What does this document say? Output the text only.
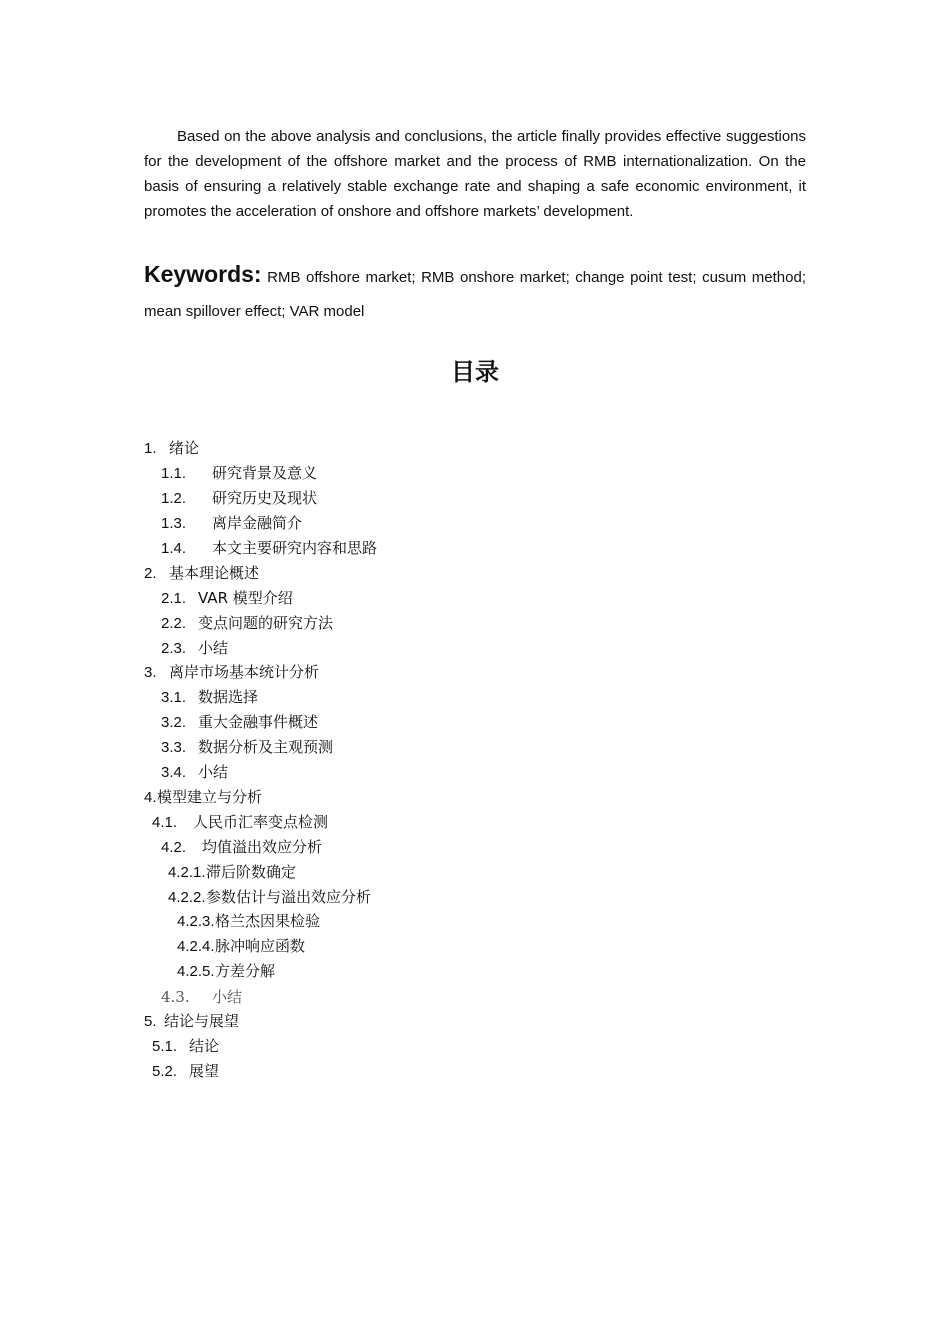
Based on the above analysis and conclusions, the article finally provides effective suggestions for the development of the offshore market and the process of RMB internationalization. On the basis of ensuring a relatively stable exchange rate and shaping a safe economic environment, it promotes the acceleration of onshore and offshore markets’ development.

Keywords: RMB offshore market; RMB onshore market; change point test; cusum method; mean spillover effect; VAR model

目录
1. 绪论
1.1. 研究背景及意义
1.2. 研究历史及现状
1.3. 离岸金融简介
1.4. 本文主要研究内容和思路
2. 基本理论概述
2.1. VAR 模型介绍
2.2. 变点问题的研究方法
2.3. 小结
3. 离岸市场基本统计分析
3.1. 数据选择
3.2. 重大金融事件概述
3.3. 数据分析及主观预测
3.4. 小结
4.模型建立与分析
4.1. 人民币汇率变点检测
4.2. 均值溢出效应分析
4.2.1.滞后阶数确定
4.2.2.参数估计与溢出效应分析
4.2.3.格兰杰因果检验
4.2.4.脉冲响应函数
4.2.5.方差分解
4.3. 小结
5. 结论与展望
5.1. 结论
5.2. 展望
